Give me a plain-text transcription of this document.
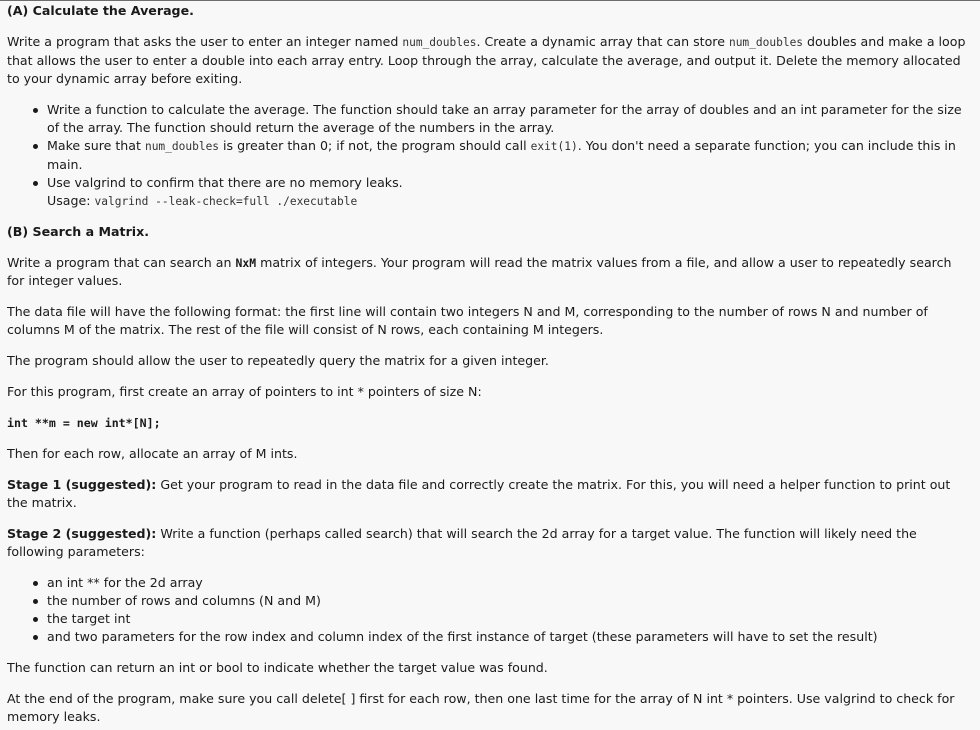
(A) Calculate the Average.

Write a program that asks the user to enter an integer named num_doubles. Create a dynamic array that can store num_doubles doubles and make a loop that allows the user to enter a double into each array entry. Loop through the array, calculate the average, and output it. Delete the memory allocated to your dynamic array before exiting.

Write a function to calculate the average. The function should take an array parameter for the array of doubles and an int parameter for the size of the array. The function should return the average of the numbers in the array.
Make sure that num_doubles is greater than 0; if not, the program should call exit(1). You don't need a separate function; you can include this in main.
Use valgrind to confirm that there are no memory leaks.
Usage: valgrind --leak-check=full ./executable
(B) Search a Matrix.

Write a program that can search an NxM matrix of integers. Your program will read the matrix values from a file, and allow a user to repeatedly search for integer values.

The data file will have the following format: the first line will contain two integers N and M, corresponding to the number of rows N and number of columns M of the matrix. The rest of the file will consist of N rows, each containing M integers.

The program should allow the user to repeatedly query the matrix for a given integer.

For this program, first create an array of pointers to int * pointers of size N:

int **m = new int*[N];

Then for each row, allocate an array of M ints.

Stage 1 (suggested): Get your program to read in the data file and correctly create the matrix. For this, you will need a helper function to print out the matrix.

Stage 2 (suggested): Write a function (perhaps called search) that will search the 2d array for a target value. The function will likely need the following parameters:

an int ** for the 2d array
the number of rows and columns (N and M)
the target int
and two parameters for the row index and column index of the first instance of target (these parameters will have to set the result)

The function can return an int or bool to indicate whether the target value was found.

At the end of the program, make sure you call delete[ ] first for each row, then one last time for the array of N int * pointers. Use valgrind to check for memory leaks.
